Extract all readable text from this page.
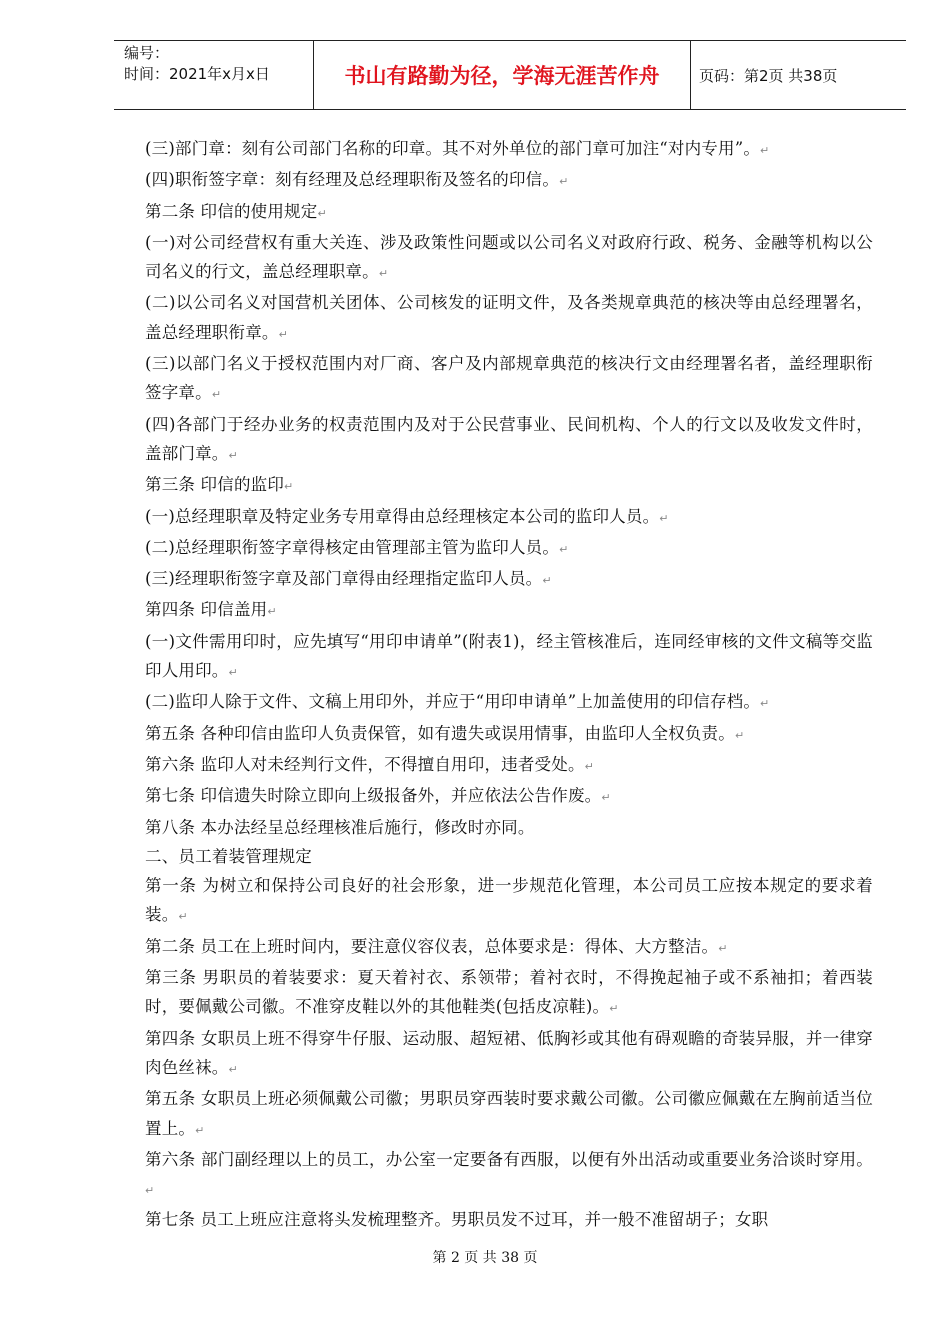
编号：
时间：2021年x月x日	书山有路勤为径，学海无涯苦作舟	页码：第2页 共38页

(三)部门章：刻有公司部门名称的印章。其不对外单位的部门章可加注“对内专用”。↵

(四)职衔签字章：刻有经理及总经理职衔及签名的印信。↵

第二条 印信的使用规定↵

(一)对公司经营权有重大关连、涉及政策性问题或以公司名义对政府行政、税务、金融等机构以公司名义的行文，盖总经理职章。↵

(二)以公司名义对国营机关团体、公司核发的证明文件，及各类规章典范的核决等由总经理署名，盖总经理职衔章。↵

(三)以部门名义于授权范围内对厂商、客户及内部规章典范的核决行文由经理署名者，盖经理职衔签字章。↵

(四)各部门于经办业务的权责范围内及对于公民营事业、民间机构、个人的行文以及收发文件时，盖部门章。↵

第三条 印信的监印↵

(一)总经理职章及特定业务专用章得由总经理核定本公司的监印人员。↵

(二)总经理职衔签字章得核定由管理部主管为监印人员。↵

(三)经理职衔签字章及部门章得由经理指定监印人员。↵

第四条 印信盖用↵

(一)文件需用印时，应先填写“用印申请单”(附表1)，经主管核准后，连同经审核的文件文稿等交监印人用印。↵

(二)监印人除于文件、文稿上用印外，并应于“用印申请单”上加盖使用的印信存档。↵

第五条 各种印信由监印人负责保管，如有遗失或误用情事，由监印人全权负责。↵

第六条 监印人对未经判行文件，不得擅自用印，违者受处。↵

第七条 印信遗失时除立即向上级报备外，并应依法公告作废。↵

第八条 本办法经呈总经理核准后施行，修改时亦同。

二、员工着装管理规定

第一条 为树立和保持公司良好的社会形象，进一步规范化管理，本公司员工应按本规定的要求着装。↵

第二条 员工在上班时间内，要注意仪容仪表，总体要求是：得体、大方整洁。↵

第三条 男职员的着装要求：夏天着衬衣、系领带；着衬衣时，不得挽起袖子或不系袖扣；着西装时，要佩戴公司徽。不准穿皮鞋以外的其他鞋类(包括皮凉鞋)。↵

第四条 女职员上班不得穿牛仔服、运动服、超短裙、低胸衫或其他有碍观瞻的奇装异服，并一律穿肉色丝袜。↵

第五条 女职员上班必须佩戴公司徽；男职员穿西装时要求戴公司徽。公司徽应佩戴在左胸前适当位置上。↵

第六条 部门副经理以上的员工，办公室一定要备有西服，以便有外出活动或重要业务洽谈时穿用。↵

第七条 员工上班应注意将头发梳理整齐。男职员发不过耳，并一般不准留胡子；女职

第 2 页 共 38 页
